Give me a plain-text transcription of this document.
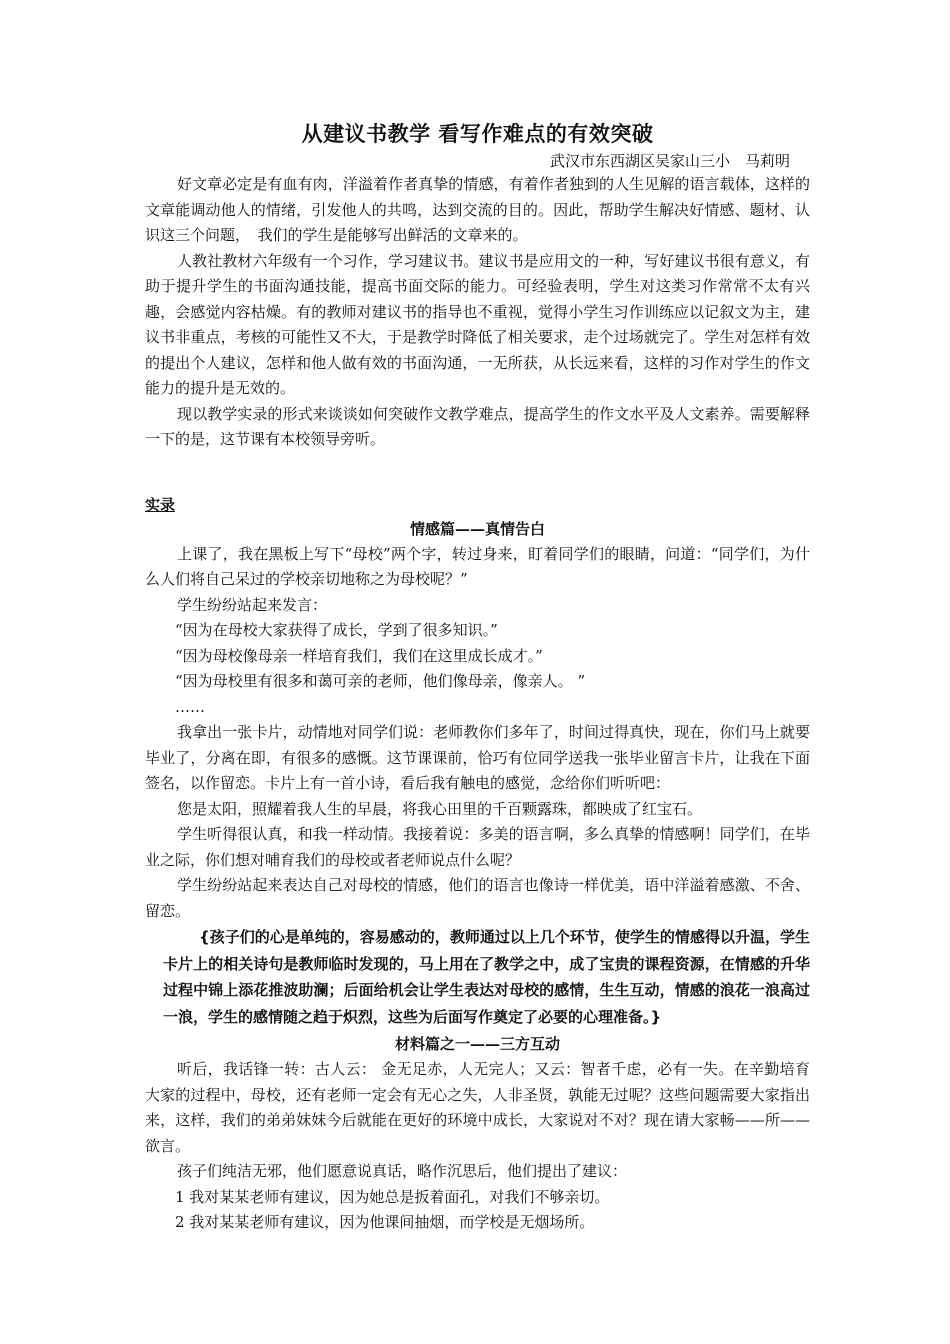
从建议书教学 看写作难点的有效突破

武汉市东西湖区吴家山三小　马莉明

好文章必定是有血有肉，洋溢着作者真挚的情感，有着作者独到的人生见解的语言载体，这样的文章能调动他人的情绪，引发他人的共鸣，达到交流的目的。因此，帮助学生解决好情感、题材、认识这三个问题，　我们的学生是能够写出鲜活的文章来的。

人教社教材六年级有一个习作，学习建议书。建议书是应用文的一种，写好建议书很有意义，有助于提升学生的书面沟通技能，提高书面交际的能力。可经验表明，学生对这类习作常常不太有兴趣，会感觉内容枯燥。有的教师对建议书的指导也不重视，觉得小学生习作训练应以记叙文为主，建议书非重点，考核的可能性又不大，于是教学时降低了相关要求，走个过场就完了。学生对怎样有效的提出个人建议，怎样和他人做有效的书面沟通，一无所获，从长远来看，这样的习作对学生的作文能力的提升是无效的。

现以教学实录的形式来谈谈如何突破作文教学难点，提高学生的作文水平及人文素养。需要解释一下的是，这节课有本校领导旁听。

实录

情感篇——真情告白

上课了，我在黑板上写下“母校”两个字，转过身来，盯着同学们的眼睛，问道：“同学们，为什么人们将自己呆过的学校亲切地称之为母校呢？”

学生纷纷站起来发言：

“因为在母校大家获得了成长，学到了很多知识。”

“因为母校像母亲一样培育我们，我们在这里成长成才。”

“因为母校里有很多和蔼可亲的老师，他们像母亲，像亲人。 ”

……

我拿出一张卡片，动情地对同学们说：老师教你们多年了，时间过得真快，现在，你们马上就要毕业了，分离在即，有很多的感慨。这节课课前，恰巧有位同学送我一张毕业留言卡片，让我在下面签名，以作留恋。卡片上有一首小诗，看后我有触电的感觉，念给你们听听吧：

您是太阳，照耀着我人生的早晨，将我心田里的千百颗露珠，都映成了红宝石。

学生听得很认真，和我一样动情。我接着说：多美的语言啊，多么真挚的情感啊！同学们，在毕业之际，你们想对哺育我们的母校或者老师说点什么呢？

学生纷纷站起来表达自己对母校的情感，他们的语言也像诗一样优美，语中洋溢着感激、不舍、留恋。

{孩子们的心是单纯的，容易感动的，教师通过以上几个环节，使学生的情感得以升温，学生卡片上的相关诗句是教师临时发现的，马上用在了教学之中，成了宝贵的课程资源，在情感的升华过程中锦上添花推波助澜；后面给机会让学生表达对母校的感情，生生互动，情感的浪花一浪高过一浪，学生的感情随之趋于炽烈，这些为后面写作奠定了必要的心理准备。}

材料篇之一——三方互动

听后，我话锋一转：古人云： 金无足赤，人无完人；又云：智者千虑，必有一失。在辛勤培育大家的过程中，母校，还有老师一定会有无心之失，人非圣贤，孰能无过呢？这些问题需要大家指出来，这样，我们的弟弟妹妹今后就能在更好的环境中成长，大家说对不对？现在请大家畅——所——欲言。

孩子们纯洁无邪，他们愿意说真话，略作沉思后，他们提出了建议：

1 我对某某老师有建议，因为她总是扳着面孔，对我们不够亲切。

2 我对某某老师有建议，因为他课间抽烟，而学校是无烟场所。
